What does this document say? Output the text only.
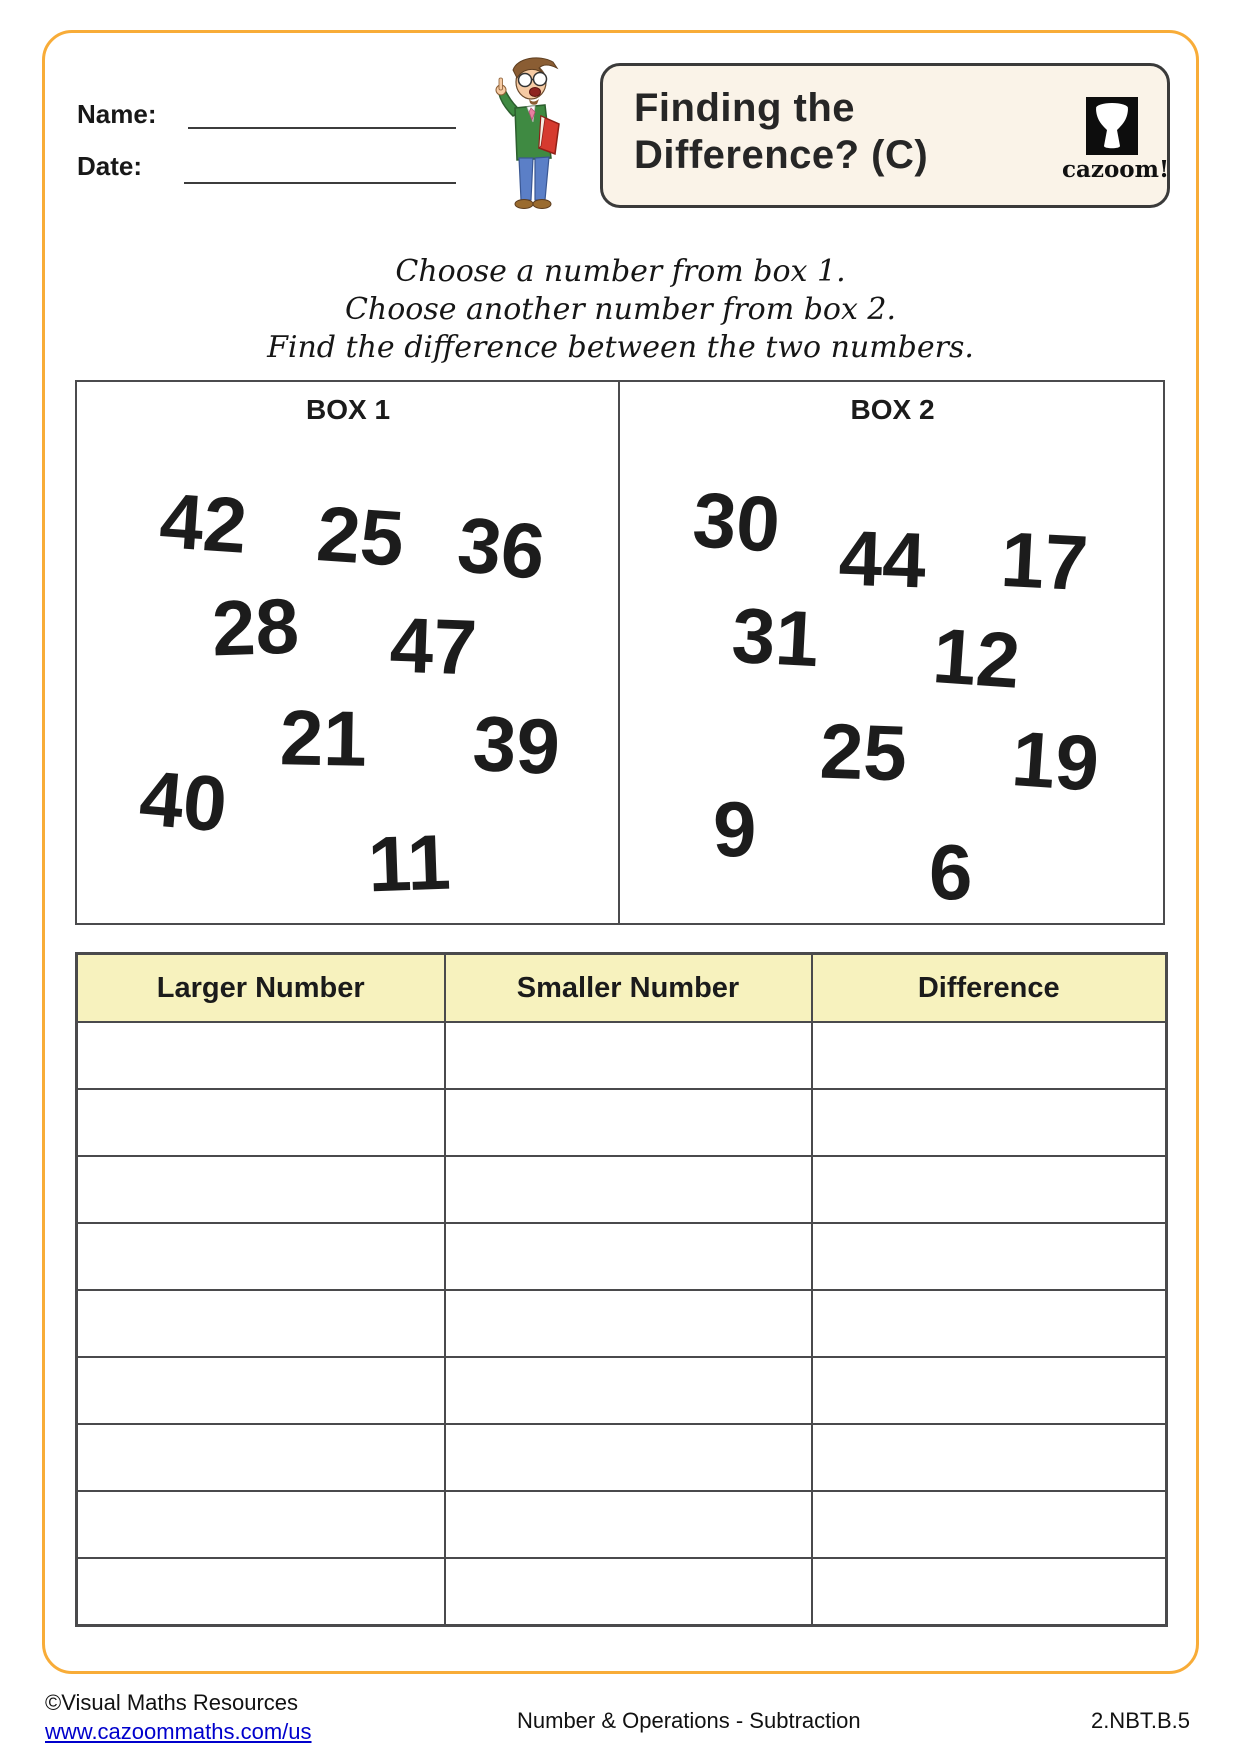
Name:
Date:
Finding the
Difference? (C)	cazoom!
Choose a number from box 1.
Choose another number from box 2.
Find the difference between the two numbers.
BOX 1	BOX 2
42 25 36
28 47
21 39
40
11
30 44 17
31 12
25 19
9 6
Larger Number	Smaller Number	Difference

©Visual Maths Resources
www.cazoommaths.com/us	Number & Operations - Subtraction	2.NBT.B.5
